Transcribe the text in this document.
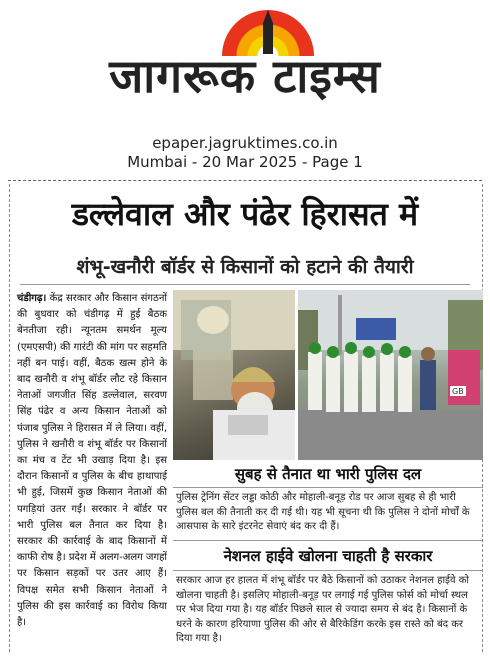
जागरूक टाइम्स
epaper.jagruktimes.co.in
Mumbai - 20 Mar 2025 - Page 1
डल्लेवाल और पंढेर हिरासत में
शंभू-खनौरी बॉर्डर से किसानों को हटाने की तैयारी
चंडीगढ़। केंद्र सरकार और किसान संगठनों की बुधवार को चंडीगढ़ में हुई बैठक बेनतीजा रही। न्यूनतम समर्थन मूल्य (एमएसपी) की गारंटी की मांग पर सहमति नहीं बन पाई। वहीं, बैठक खत्म होने के बाद खनौरी व शंभू बॉर्डर लौट रहे किसान नेताओं जगजीत सिंह डल्लेवाल, सरवण सिंह पंढेर व अन्य किसान नेताओं को पंजाब पुलिस ने हिरासत में ले लिया। वहीं, पुलिस ने खनौरी व शंभू बॉर्डर पर किसानों का मंच व टेंट भी उखाड़ दिया है। इस दौरान किसानों व पुलिस के बीच हाथापाई भी हुई, जिसमें कुछ किसान नेताओं की पगड़ियां उतर गईं। सरकार ने बॉर्डर पर भारी पुलिस बल तैनात कर दिया है। सरकार की कार्रवाई के बाद किसानों में काफी रोष है। प्रदेश में अलग-अलग जगहों पर किसान सड़कों पर उतर आए हैं। विपक्ष समेत सभी किसान नेताओं ने पुलिस की इस कार्रवाई का विरोध किया है।
GB
सुबह से तैनात था भारी पुलिस दल
पुलिस ट्रेनिंग सेंटर लड्डा कोठी और मोहाली-बनूड़ रोड पर आज सुबह से ही भारी पुलिस बल की तैनाती कर दी गई थी। यह भी सूचना थी कि पुलिस ने दोनों मोर्चों के आसपास के सारे इंटरनेट सेवाएं बंद कर दी हैं।
नेशनल हाईवे खोलना चाहती है सरकार
सरकार आज हर हालत में शंभू बॉर्डर पर बैठे किसानों को उठाकर नेशनल हाईवे को खोलना चाहती है। इसलिए मोहाली-बनूड़ पर लगाई गई पुलिस फोर्स को मोर्चा स्थल पर भेज दिया गया है। यह बॉर्डर पिछले साल से ज्यादा समय से बंद है। किसानों के धरने के कारण हरियाणा पुलिस की ओर से बैरिकेडिंग करके इस रास्ते को बंद कर दिया गया है।
